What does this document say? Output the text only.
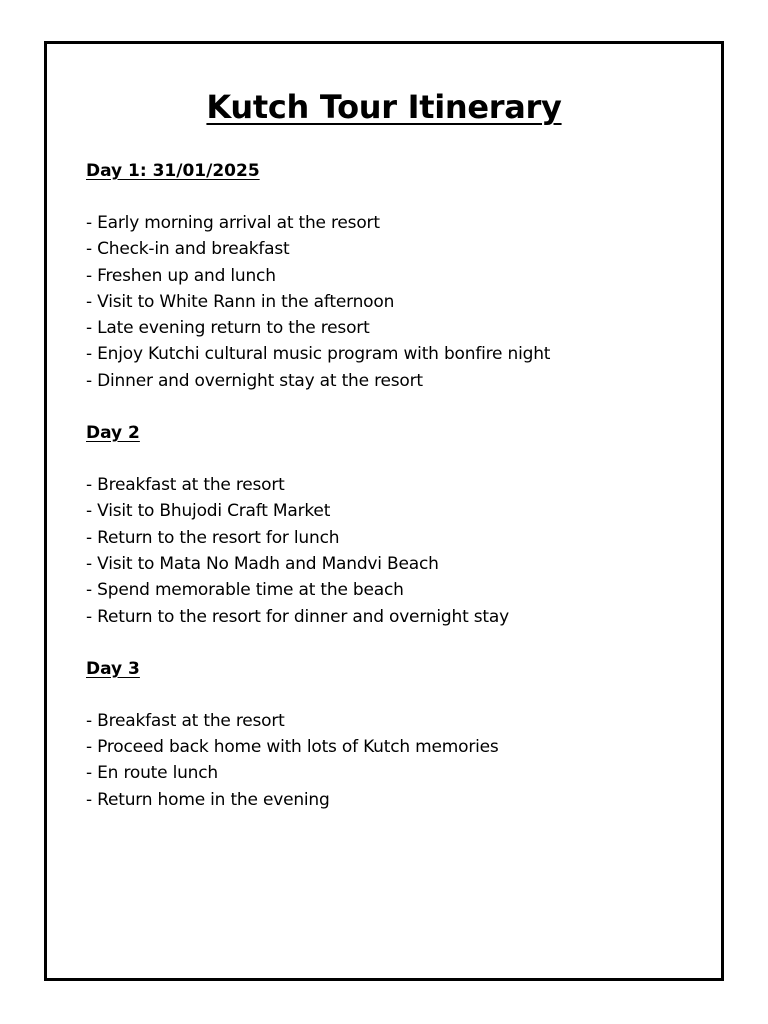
Kutch Tour Itinerary
Day 1: 31/01/2025
- Early morning arrival at the resort
- Check-in and breakfast
- Freshen up and lunch
- Visit to White Rann in the afternoon
- Late evening return to the resort
- Enjoy Kutchi cultural music program with bonfire night
- Dinner and overnight stay at the resort
Day 2
- Breakfast at the resort
- Visit to Bhujodi Craft Market
- Return to the resort for lunch
- Visit to Mata No Madh and Mandvi Beach
- Spend memorable time at the beach
- Return to the resort for dinner and overnight stay
Day 3
- Breakfast at the resort
- Proceed back home with lots of Kutch memories
- En route lunch
- Return home in the evening
